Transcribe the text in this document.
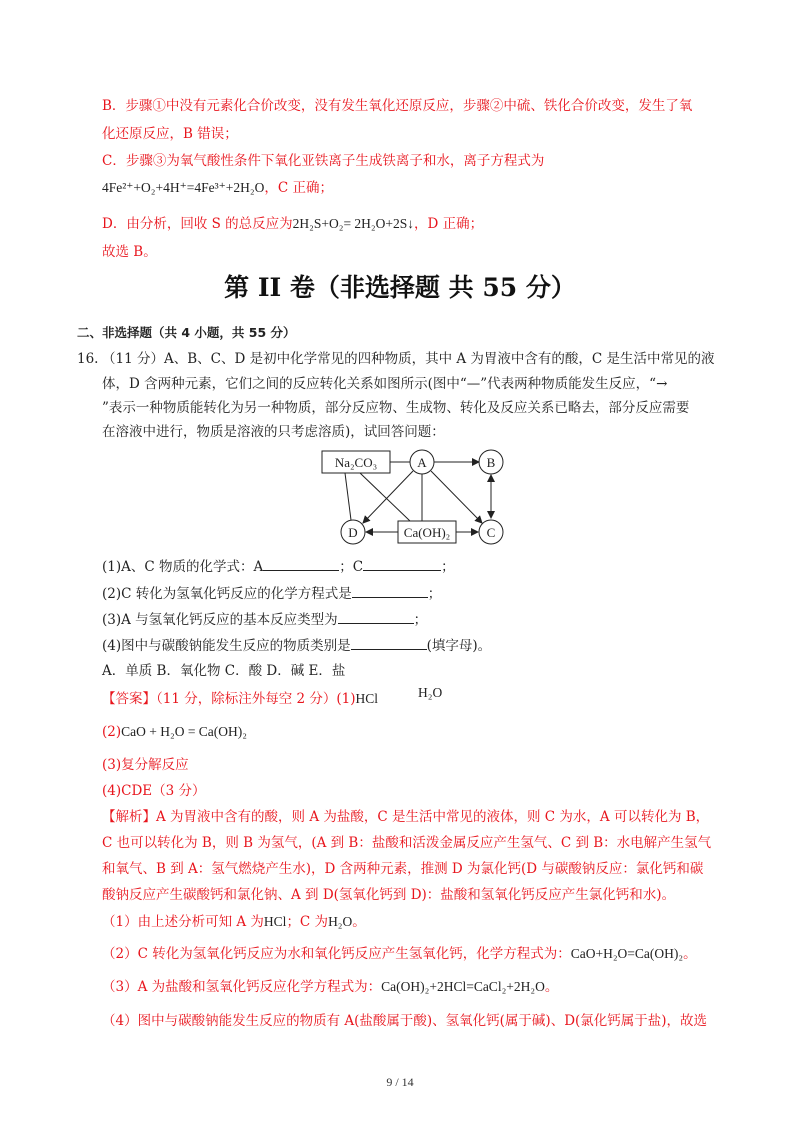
B．步骤①中没有元素化合价改变，没有发生氧化还原反应，步骤②中硫、铁化合价改变，发生了氧
化还原反应，B 错误；
C．步骤③为氧气酸性条件下氧化亚铁离子生成铁离子和水，离子方程式为
4Fe²⁺+O₂+4H⁺=4Fe³⁺+2H₂O，C 正确；
D．由分析，回收 S 的总反应为2H₂S+O₂= 2H₂O+2S↓，D 正确；
故选 B。
第 II 卷（非选择题 共 55 分）
二、非选择题（共 4 小题，共 55 分）
16. （11 分）A、B、C、D 是初中化学常见的四种物质，其中 A 为胃液中含有的酸，C 是生活中常见的液
体，D 含两种元素，它们之间的反应转化关系如图所示(图中“—”代表两种物质能发生反应，“→
”表示一种物质能转化为另一种物质，部分反应物、生成物、转化及反应关系已略去，部分反应需要
在溶液中进行，物质是溶液的只考虑溶质)，试回答问题：
Na₂CO₃	A	B
C
D	Ca(OH)₂
(1)A、C 物质的化学式：A	；C	；
(2)C 转化为氢氧化钙反应的化学方程式是	；
(3)A 与氢氧化钙反应的基本反应类型为	；
(4)图中与碳酸钠能发生反应的物质类别是	(填字母)。
A．单质 B．氧化物 C．酸 D．碱 E．盐
【答案】（11 分，除标注外每空 2 分）(1)HCl	H₂O
(2)CaO + H₂O = Ca(OH)₂
(3)复分解反应
(4)CDE（3 分）
【解析】A 为胃液中含有的酸，则 A 为盐酸，C 是生活中常见的液体，则 C 为水，A 可以转化为 B，
C 也可以转化为 B，则 B 为氢气，(A 到 B：盐酸和活泼金属反应产生氢气、C 到 B：水电解产生氢气
和氧气、B 到 A：氢气燃烧产生水)，D 含两种元素，推测 D 为氯化钙(D 与碳酸钠反应：氯化钙和碳
酸钠反应产生碳酸钙和氯化钠、A 到 D(氢氧化钙到 D)：盐酸和氢氧化钙反应产生氯化钙和水)。
（1）由上述分析可知 A 为HCl；C 为H₂O。
（2）C 转化为氢氧化钙反应为水和氧化钙反应产生氢氧化钙，化学方程式为：CaO+H₂O=Ca(OH)₂。
（3）A 为盐酸和氢氧化钙反应化学方程式为：Ca(OH)₂+2HCl=CaCl₂+2H₂O。
（4）图中与碳酸钠能发生反应的物质有 A(盐酸属于酸)、氢氧化钙(属于碱)、D(氯化钙属于盐)，故选
9 / 14
